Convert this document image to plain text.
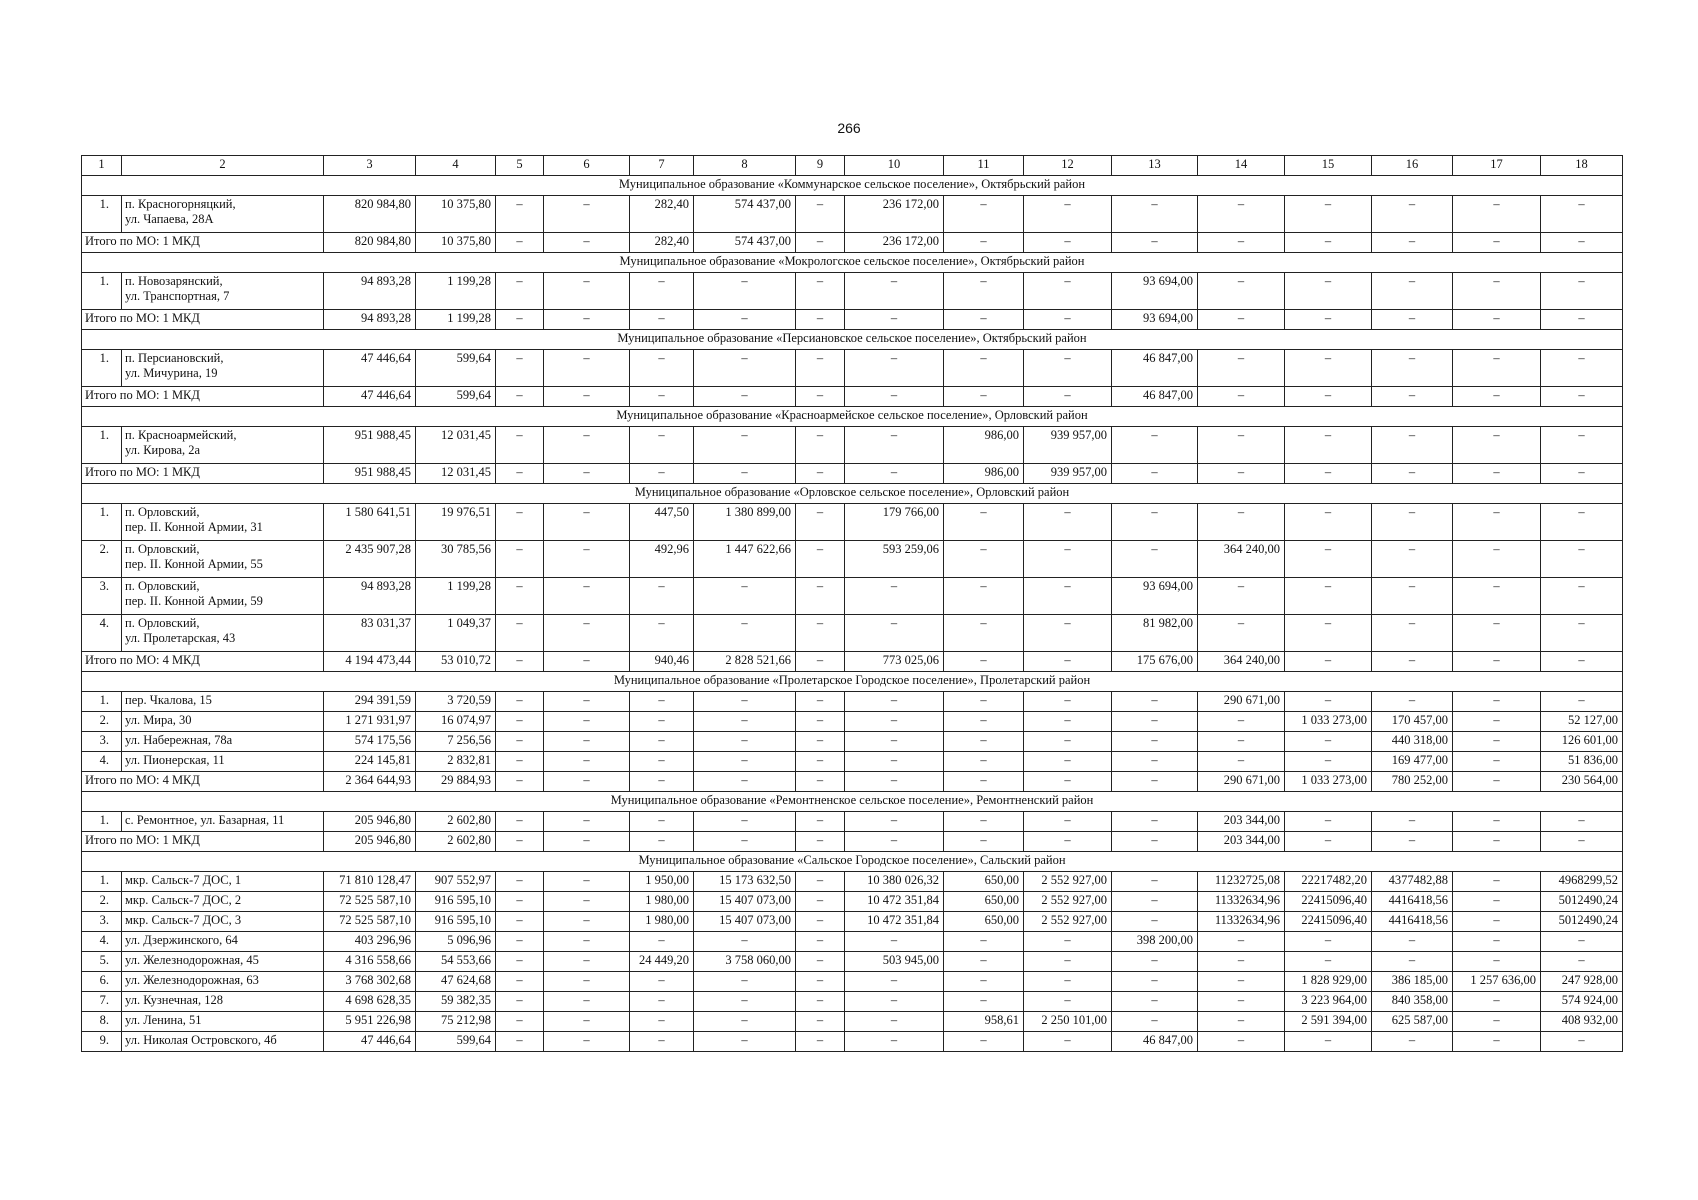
266
1	2	3	4	5	6	7	8	9	10	11	12	13	14	15	16	17	18
Муниципальное образование «Коммунарское сельское поселение», Октябрьский район																	
1.	п. Красногорняцкий,
ул. Чапаева, 28А	820 984,80	10 375,80	–	–	282,40	574 437,00	–	236 172,00	–	–	–	–	–	–	–	–
Итого по МО: 1 МКД		820 984,80	10 375,80	–	–	282,40	574 437,00	–	236 172,00	–	–	–	–	–	–	–	–
Муниципальное образование «Мокрологское сельское поселение», Октябрьский район																	
1.	п. Новозарянский,
ул. Транспортная, 7	94 893,28	1 199,28	–	–	–	–	–	–	–	–	93 694,00	–	–	–	–	–
Итого по МО: 1 МКД		94 893,28	1 199,28	–	–	–	–	–	–	–	–	93 694,00	–	–	–	–	–
Муниципальное образование «Персиановское сельское поселение», Октябрьский район																	
1.	п. Персиановский,
ул. Мичурина, 19	47 446,64	599,64	–	–	–	–	–	–	–	–	46 847,00	–	–	–	–	–
Итого по МО: 1 МКД		47 446,64	599,64	–	–	–	–	–	–	–	–	46 847,00	–	–	–	–	–
Муниципальное образование «Красноармейское сельское поселение», Орловский район																	
1.	п. Красноармейский,
ул. Кирова, 2а	951 988,45	12 031,45	–	–	–	–	–	–	986,00	939 957,00	–	–	–	–	–	–
Итого по МО: 1 МКД		951 988,45	12 031,45	–	–	–	–	–	–	986,00	939 957,00	–	–	–	–	–	–
Муниципальное образование «Орловское сельское поселение», Орловский район																	
1.	п. Орловский,
пер. II. Конной Армии, 31	1 580 641,51	19 976,51	–	–	447,50	1 380 899,00	–	179 766,00	–	–	–	–	–	–	–	–
2.	п. Орловский,
пер. II. Конной Армии, 55	2 435 907,28	30 785,56	–	–	492,96	1 447 622,66	–	593 259,06	–	–	–	364 240,00	–	–	–	–
3.	п. Орловский,
пер. II. Конной Армии, 59	94 893,28	1 199,28	–	–	–	–	–	–	–	–	93 694,00	–	–	–	–	–
4.	п. Орловский,
ул. Пролетарская, 43	83 031,37	1 049,37	–	–	–	–	–	–	–	–	81 982,00	–	–	–	–	–
Итого по МО: 4 МКД		4 194 473,44	53 010,72	–	–	940,46	2 828 521,66	–	773 025,06	–	–	175 676,00	364 240,00	–	–	–	–
Муниципальное образование «Пролетарское Городское поселение», Пролетарский район																	
1.	пер. Чкалова, 15	294 391,59	3 720,59	–	–	–	–	–	–	–	–	–	290 671,00	–	–	–	–
2.	ул. Мира, 30	1 271 931,97	16 074,97	–	–	–	–	–	–	–	–	–	–	1 033 273,00	170 457,00	–	52 127,00
3.	ул. Набережная, 78а	574 175,56	7 256,56	–	–	–	–	–	–	–	–	–	–	–	440 318,00	–	126 601,00
4.	ул. Пионерская, 11	224 145,81	2 832,81	–	–	–	–	–	–	–	–	–	–	–	169 477,00	–	51 836,00
Итого по МО: 4 МКД		2 364 644,93	29 884,93	–	–	–	–	–	–	–	–	–	290 671,00	1 033 273,00	780 252,00	–	230 564,00
Муниципальное образование «Ремонтненское сельское поселение», Ремонтненский район																	
1.	с. Ремонтное, ул. Базарная, 11	205 946,80	2 602,80	–	–	–	–	–	–	–	–	–	203 344,00	–	–	–	–
Итого по МО: 1 МКД		205 946,80	2 602,80	–	–	–	–	–	–	–	–	–	203 344,00	–	–	–	–
Муниципальное образование «Сальское Городское поселение», Сальский район																	
1.	мкр. Сальск-7 ДОС, 1	71 810 128,47	907 552,97	–	–	1 950,00	15 173 632,50	–	10 380 026,32	650,00	2 552 927,00	–	11232725,08	22217482,20	4377482,88	–	4968299,52
2.	мкр. Сальск-7 ДОС, 2	72 525 587,10	916 595,10	–	–	1 980,00	15 407 073,00	–	10 472 351,84	650,00	2 552 927,00	–	11332634,96	22415096,40	4416418,56	–	5012490,24
3.	мкр. Сальск-7 ДОС, 3	72 525 587,10	916 595,10	–	–	1 980,00	15 407 073,00	–	10 472 351,84	650,00	2 552 927,00	–	11332634,96	22415096,40	4416418,56	–	5012490,24
4.	ул. Дзержинского, 64	403 296,96	5 096,96	–	–	–	–	–	–	–	–	398 200,00	–	–	–	–	–
5.	ул. Железнодорожная, 45	4 316 558,66	54 553,66	–	–	24 449,20	3 758 060,00	–	503 945,00	–	–	–	–	–	–	–	–
6.	ул. Железнодорожная, 63	3 768 302,68	47 624,68	–	–	–	–	–	–	–	–	–	–	1 828 929,00	386 185,00	1 257 636,00	247 928,00
7.	ул. Кузнечная, 128	4 698 628,35	59 382,35	–	–	–	–	–	–	–	–	–	–	3 223 964,00	840 358,00	–	574 924,00
8.	ул. Ленина, 51	5 951 226,98	75 212,98	–	–	–	–	–	–	958,61	2 250 101,00	–	–	2 591 394,00	625 587,00	–	408 932,00
9.	ул. Николая Островского, 4б	47 446,64	599,64	–	–	–	–	–	–	–	–	46 847,00	–	–	–	–	–
